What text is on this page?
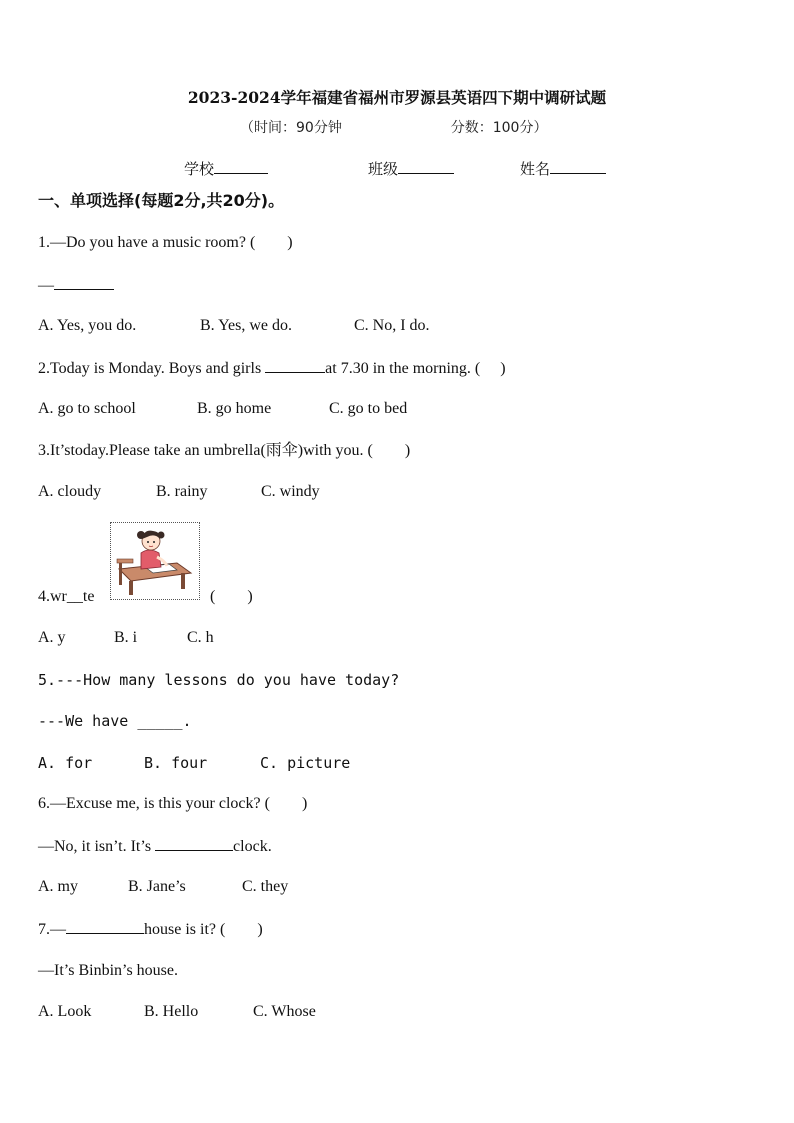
2023-2024学年福建省福州市罗源县英语四下期中调研试题
（时间：90分钟	分数：100分）
学校	班级	姓名
一、单项选择(每题2分,共20分)。
1.—Do you have a music room? (　　)
—
A. Yes, you do.	B. Yes, we do.	C. No, I do.
2.Today is Monday. Boys and girls	at 7.30 in the morning. (　 )
A. go to school	B. go home	C. go to bed
3.It’stoday.Please take an umbrella(雨伞)with you. (　　)
A. cloudy	B. rainy	C. windy
4.wr__te	(　　)
A. y	B. i	C. h
5.---How many lessons do you have today?
---We have _____.
A. for	B. four	C. picture
6.—Excuse me, is this your clock? (　　)
—No, it isn’t. It’s	clock.
A. my	B. Jane’s	C. they
7.—	house is it? (　　)
—It’s Binbin’s house.
A. Look	B. Hello	C. Whose
